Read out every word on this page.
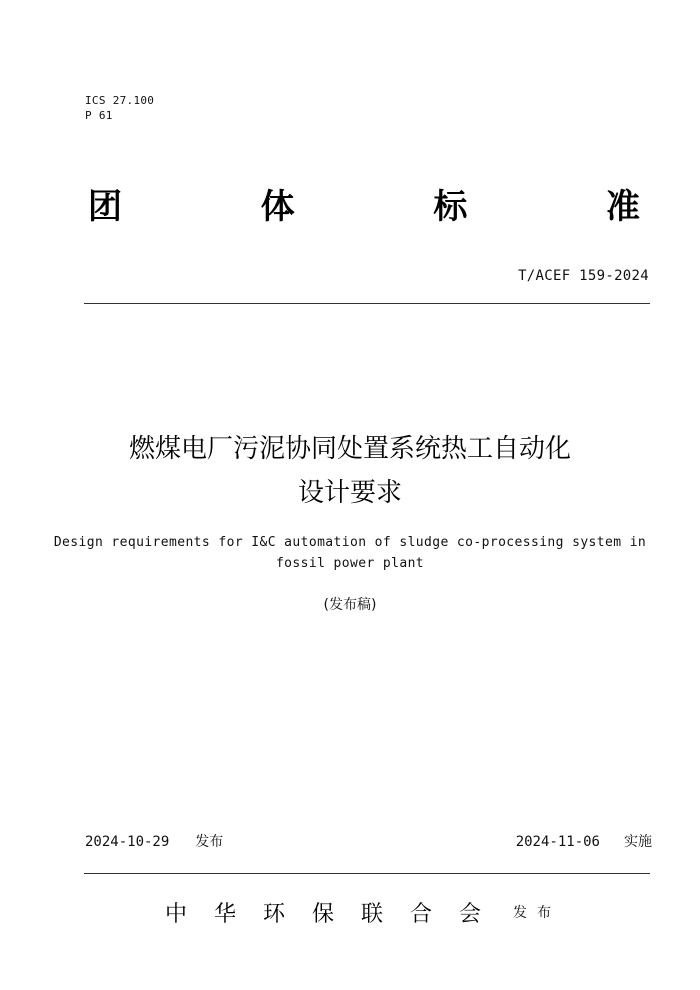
ICS 27.100
P 61
团	体	标	准
T/ACEF 159-2024
燃煤电厂污泥协同处置系统热工自动化
设计要求
Design requirements for I&C automation of sludge co-processing system in
fossil power plant
(发布稿)
2024-10-29 发布	2024-11-06 实施
中 华 环 保 联 合 会 发 布
